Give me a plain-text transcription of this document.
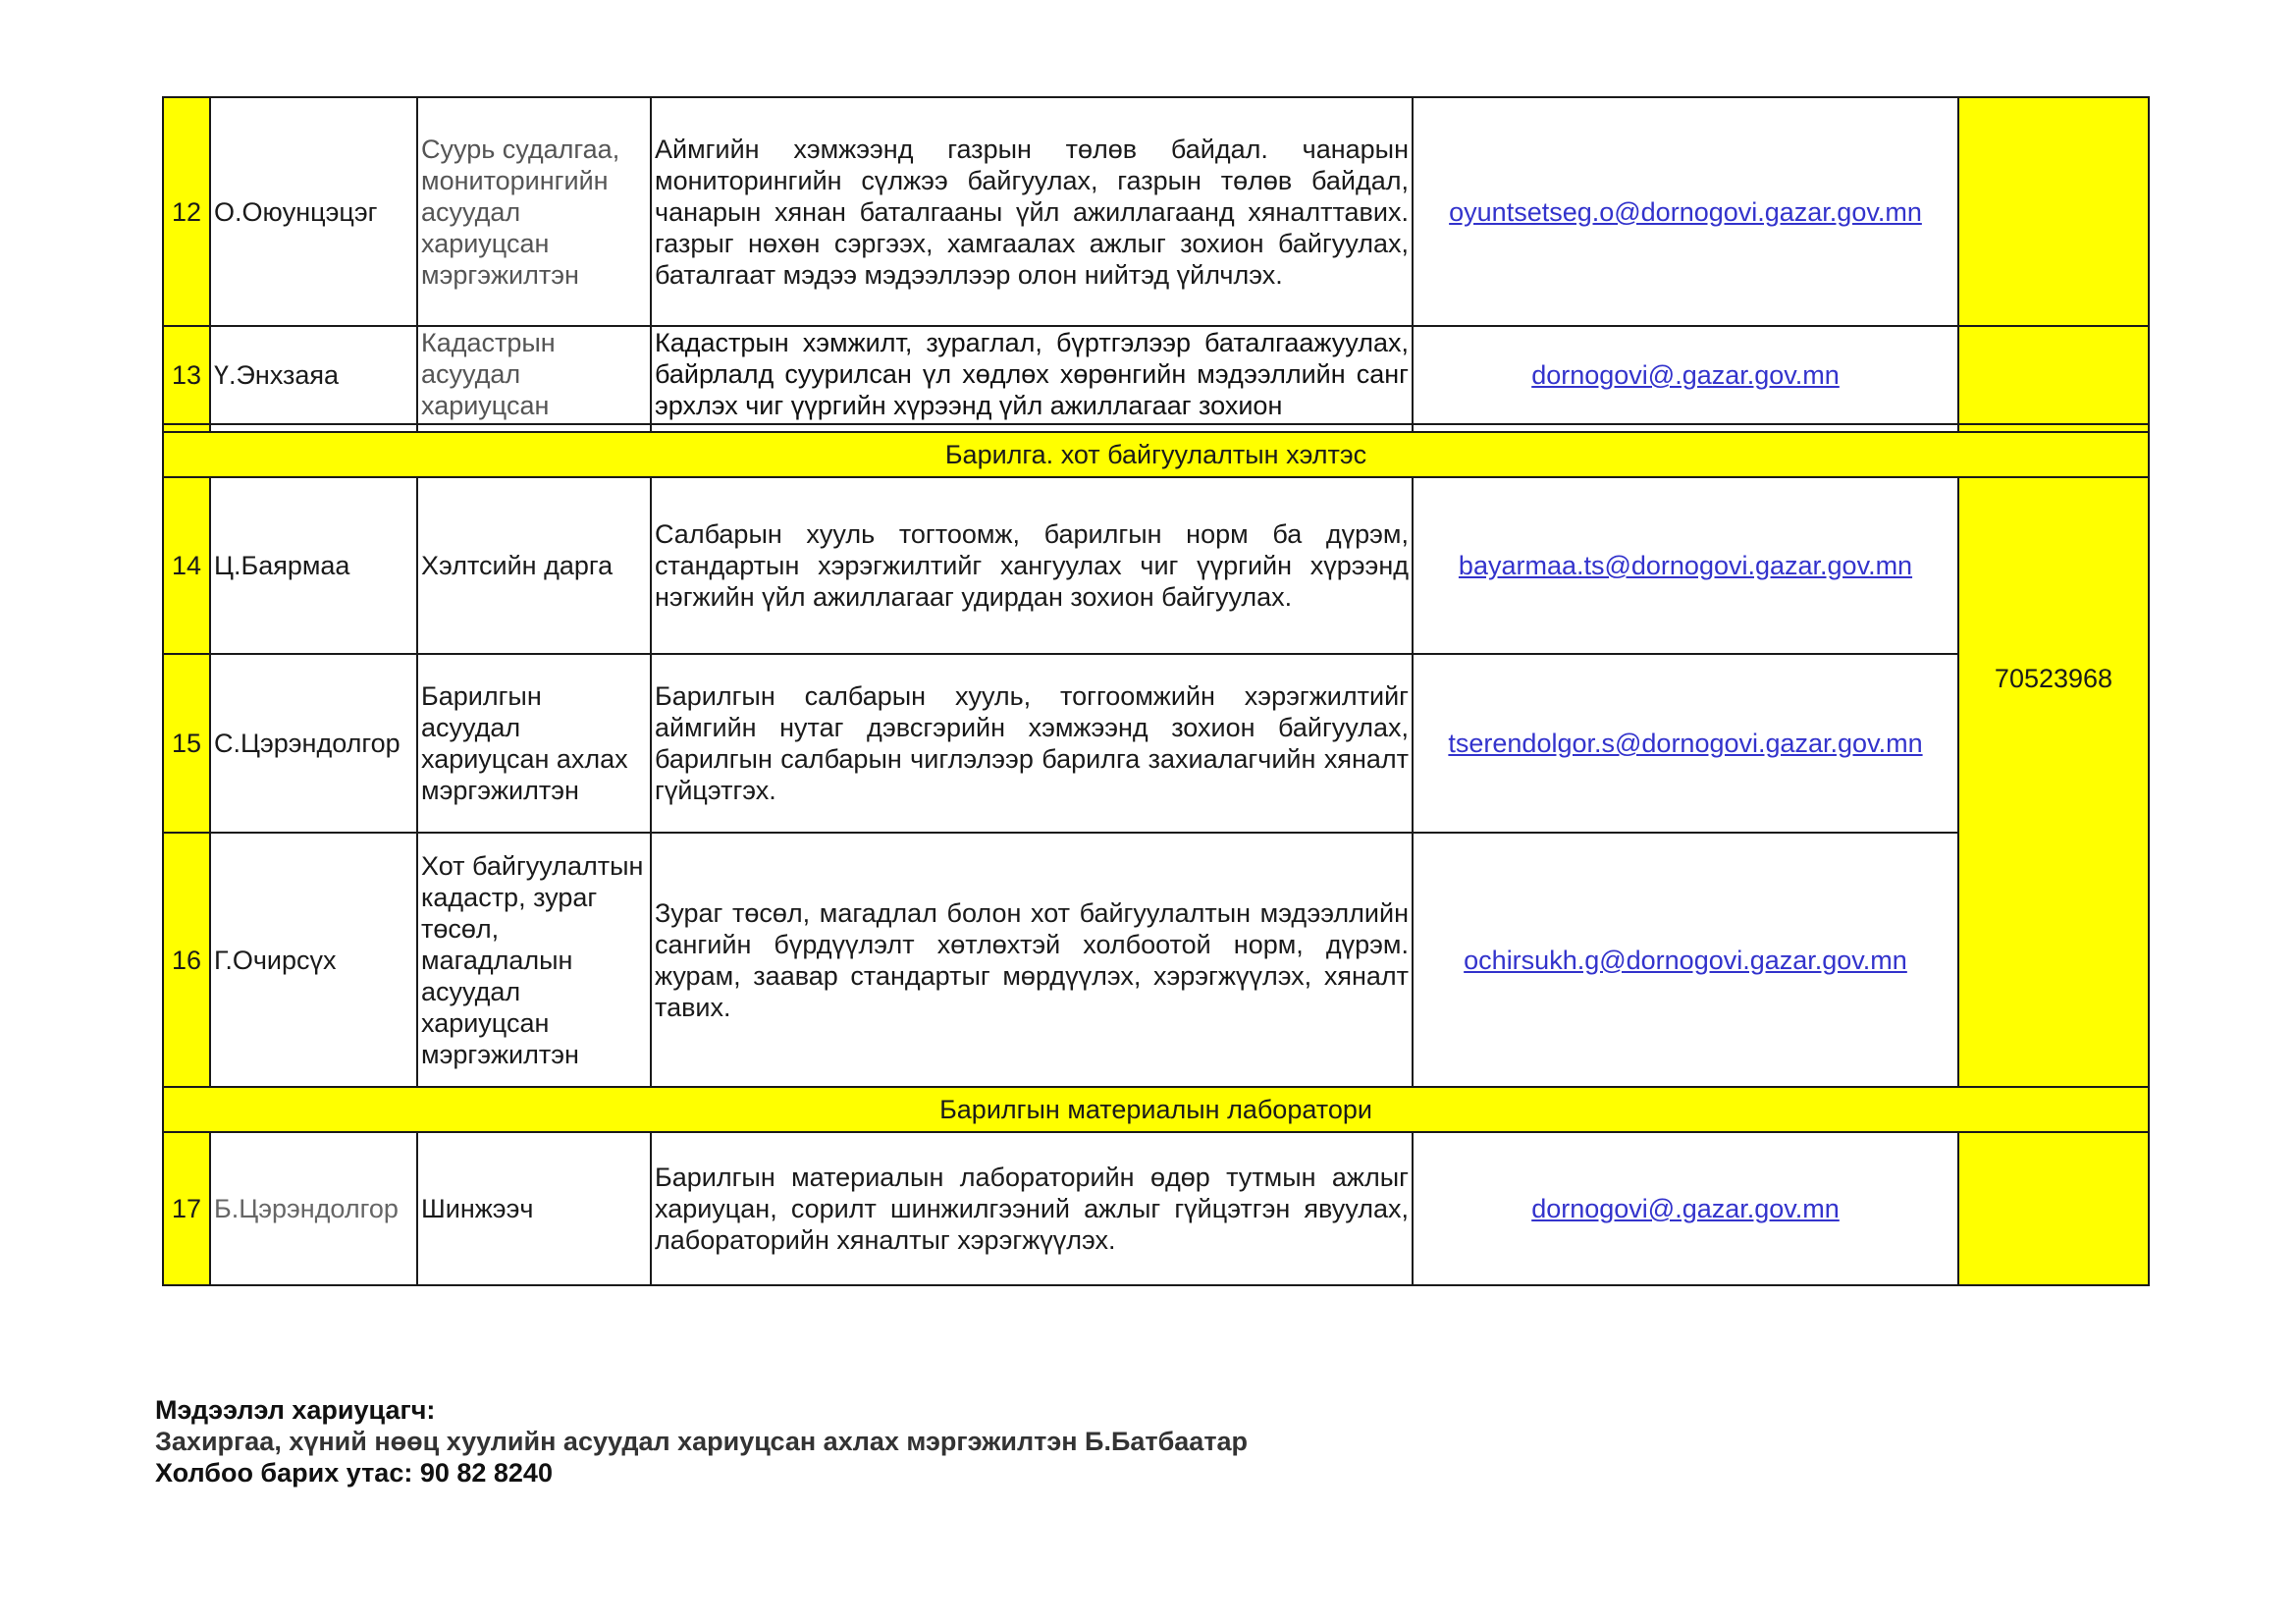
12	О.Оюунцэцэг	Суурь судалгаа, мониторингийн асуудал хариуцсан мэргэжилтэн	Аймгийн хэмжээнд газрын төлөв байдал. чанарын мониторингийн сүлжээ байгуулах, газрын төлөв байдал, чанарын хянан баталгааны үйл ажиллагаанд хяналттавих. газрыг нөхөн сэргээх, хамгаалах ажлыг зохион байгуулах, баталгаат мэдээ мэдээллээр олон нийтэд үйлчлэх.	oyuntsetseg.o@dornogovi.gazar.gov.mn	
13	Ү.Энхзаяа	Кадастрын асуудал хариуцсан	Кадастрын хэмжилт, зураглал, бүртгэлээр баталгаажуулах, байрлалд суурилсан үл хөдлөх хөрөнгийн мэдээллийн санг эрхлэх чиг үүргийн хүрээнд үйл ажиллагааг зохион	dornogovi@.gazar.gov.mn	

Барилга. хот байгуулалтын хэлтэс					
14	Ц.Баярмаа	Хэлтсийн дарга	Салбарын хууль тогтоомж, барилгын норм ба дүрэм, стандартын хэрэгжилтийг хангуулах чиг үүргийн хүрээнд нэгжийн үйл ажиллагааг удирдан зохион байгуулах.	bayarmaa.ts@dornogovi.gazar.gov.mn	70523968
15	С.Цэрэндолгор	Барилгын асуудал хариуцсан ахлах мэргэжилтэн	Барилгын салбарын хууль, тоггоомжийн хэрэгжилтийг аймгийн нутаг дэвсгэрийн хэмжээнд зохион байгуулах, барилгын салбарын чиглэлээр барилга захиалагчийн хяналт гүйцэтгэх.	tserendolgor.s@dornogovi.gazar.gov.mn	
16	Г.Очирсүх	Хот байгуулалтын кадастр, зураг төсөл, магадлалын асуудал хариуцсан мэргэжилтэн	Зураг төсөл, магадлал болон хот байгуулалтын мэдээллийн сангийн бүрдүүлэлт хөтлөхтэй холбоотой норм, дүрэм. журам, заавар стандартыг мөрдүүлэх, хэрэгжүүлэх, хяналт тавих.	ochirsukh.g@dornogovi.gazar.gov.mn	
Барилгын материалын лаборатори					
17	Б.Цэрэндолгор	Шинжээч	Барилгын материалын лабораторийн өдөр тутмын ажлыг хариуцан, сорилт шинжилгээний ажлыг гүйцэтгэн явуулах, лабораторийн хяналтыг хэрэгжүүлэх.	dornogovi@.gazar.gov.mn	
Мэдээлэл хариуцагч:
Захиргаа, хүний нөөц хуулийн асуудал хариуцсан ахлах мэргэжилтэн Б.Батбаатар
Холбоо барих утас: 90 82 8240
